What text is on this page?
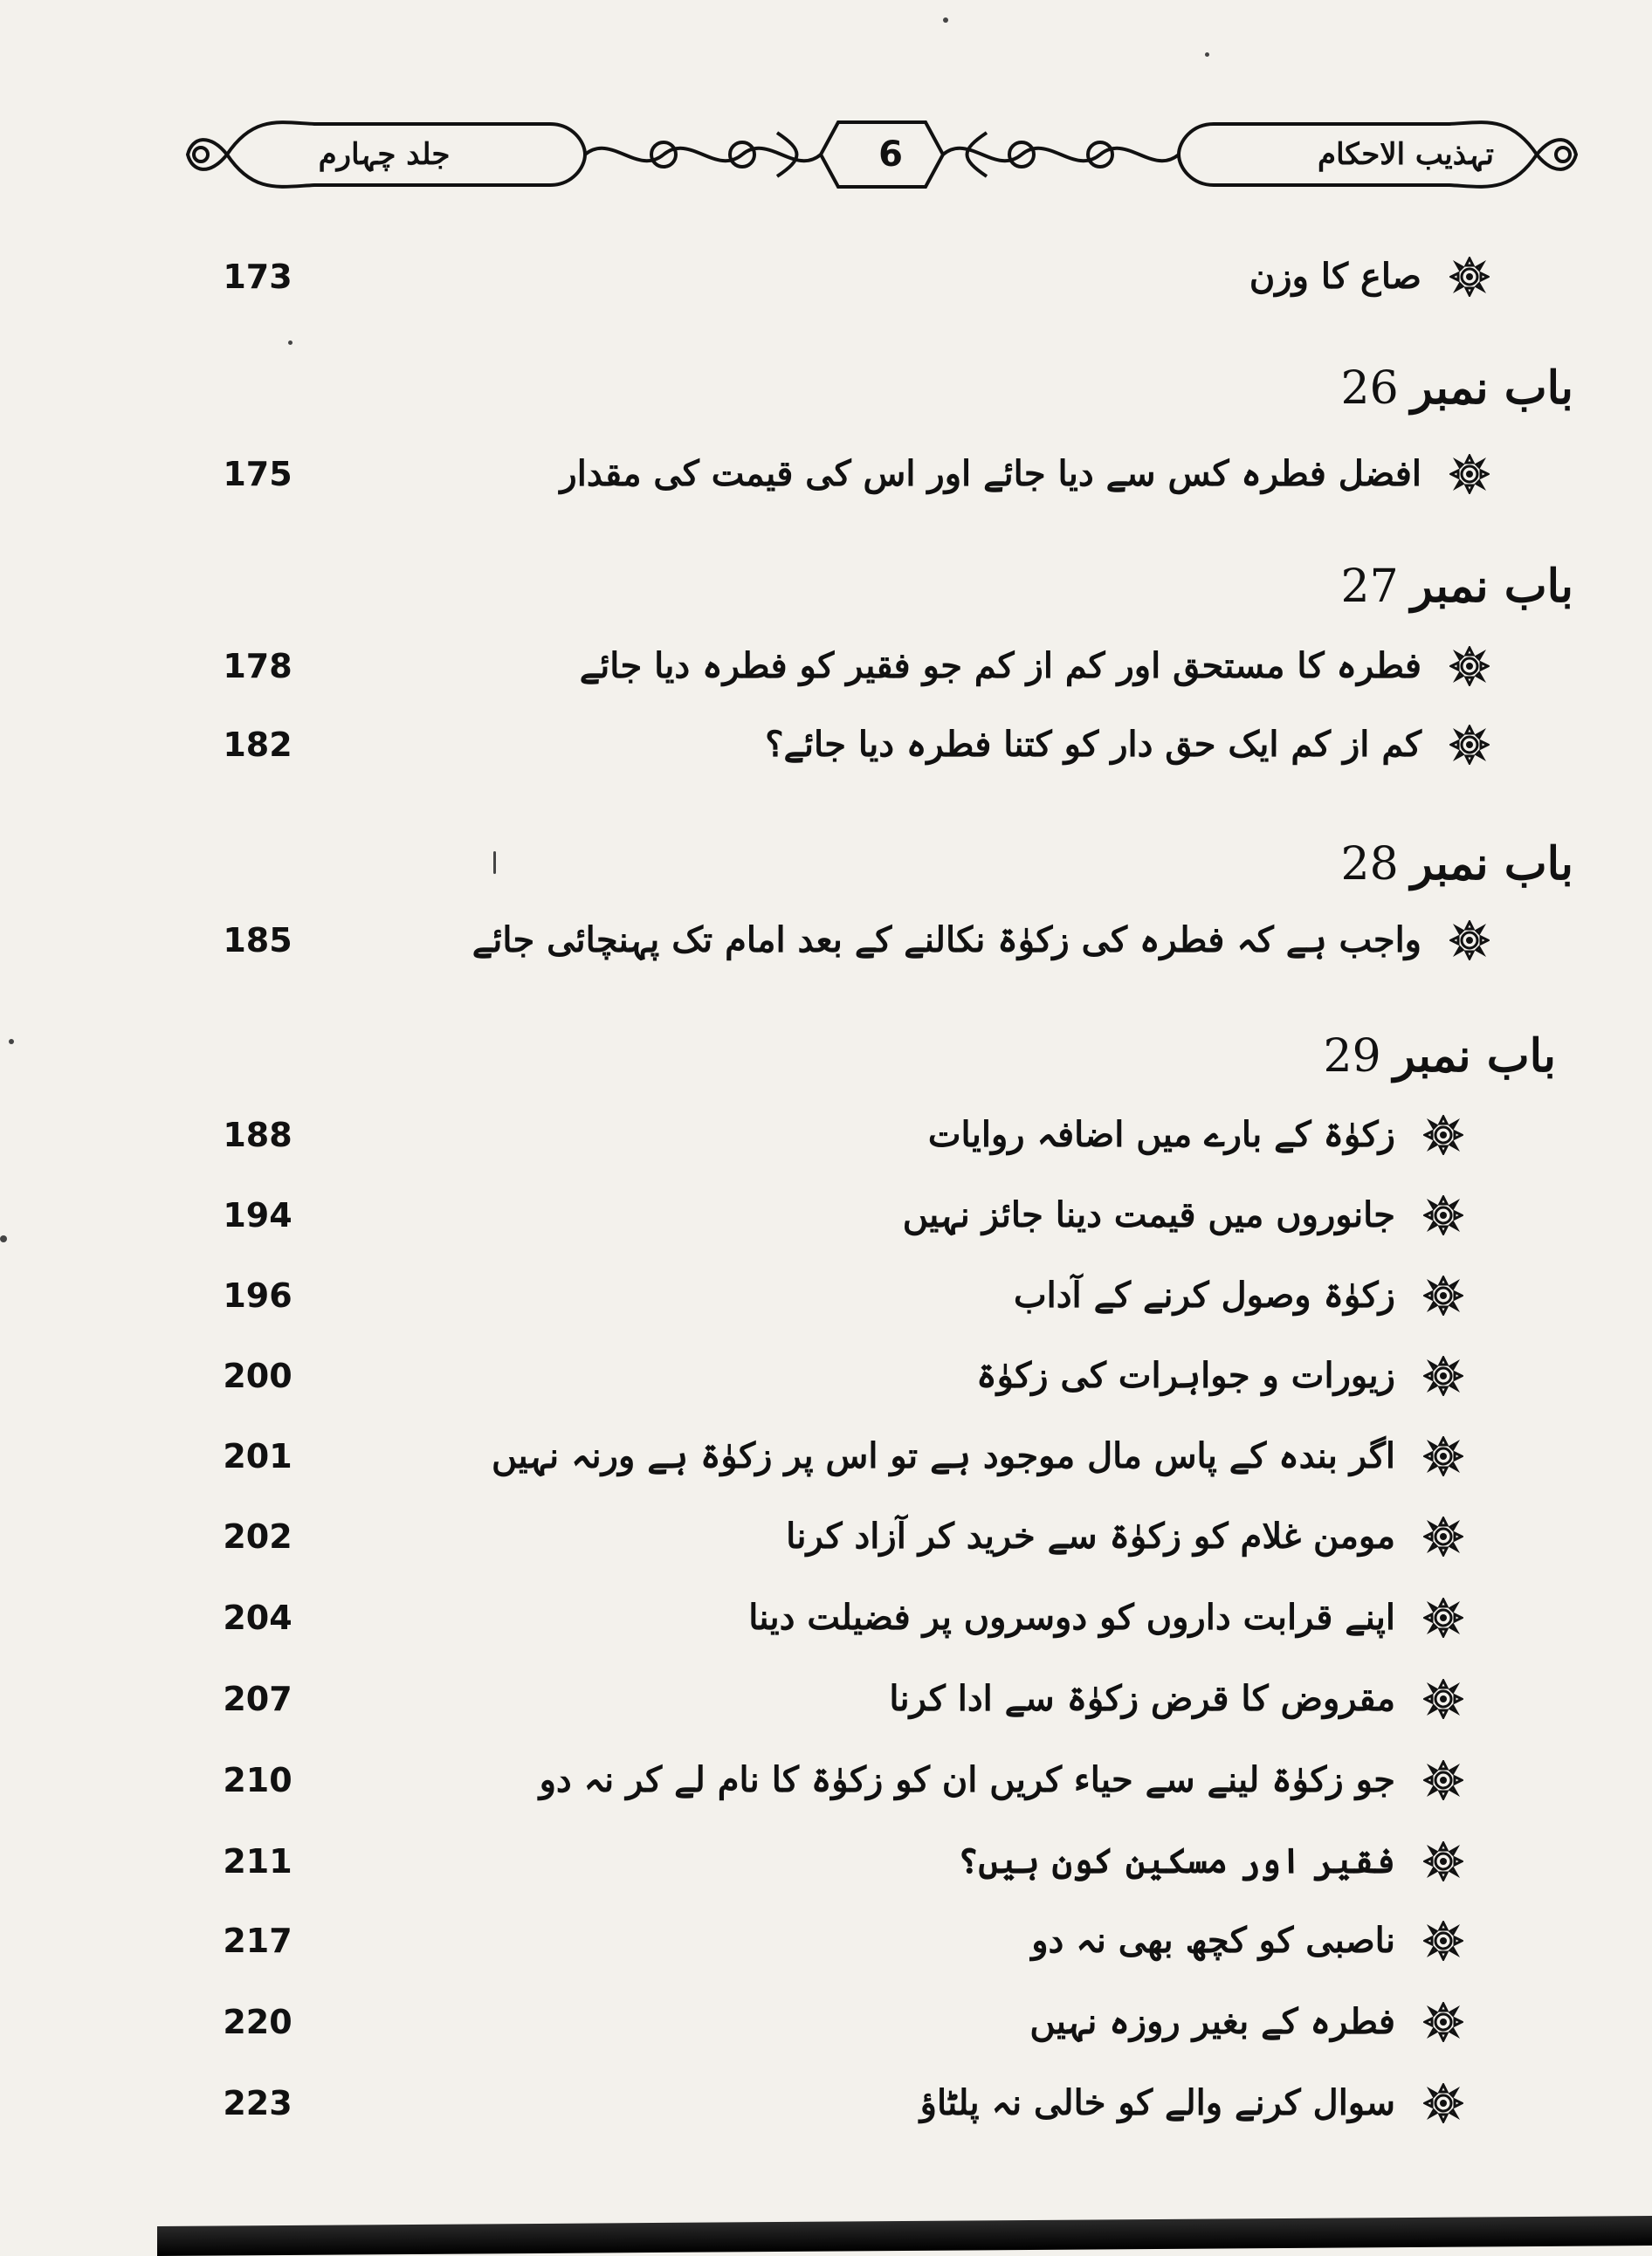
جلد چہارم	6	تہذیب الاحکام
صاع کا وزن
173
باب نمبر26
افضل فطرہ کس سے دیا جائے اور اس کی قیمت کی مقدار
175
باب نمبر27
فطرہ کا مستحق اور کم از کم جو فقیر کو فطرہ دیا جائے
178
کم از کم ایک حق دار کو کتنا فطرہ دیا جائے؟
182
باب نمبر28
واجب ہے کہ فطرہ کی زکوٰۃ نکالنے کے بعد امام تک پہنچائی جائے
185
باب نمبر29
زکوٰۃ کے بارے میں اضافہ روایات
188
جانوروں میں قیمت دینا جائز نہیں
194
زکوٰۃ وصول کرنے کے آداب
196
زیورات و جواہرات کی زکوٰۃ
200
اگر بندہ کے پاس مال موجود ہے تو اس پر زکوٰۃ ہے ورنہ نہیں
201
مومن غلام کو زکوٰۃ سے خرید کر آزاد کرنا
202
اپنے قرابت داروں کو دوسروں پر فضیلت دینا
204
مقروض کا قرض زکوٰۃ سے ادا کرنا
207
جو زکوٰۃ لینے سے حیاء کریں ان کو زکوٰۃ کا نام لے کر نہ دو
210
فقیر اور مسکین کون ہیں؟
211
ناصبی کو کچھ بھی نہ دو
217
فطرہ کے بغیر روزہ نہیں
220
سوال کرنے والے کو خالی نہ پلٹاؤ
223
